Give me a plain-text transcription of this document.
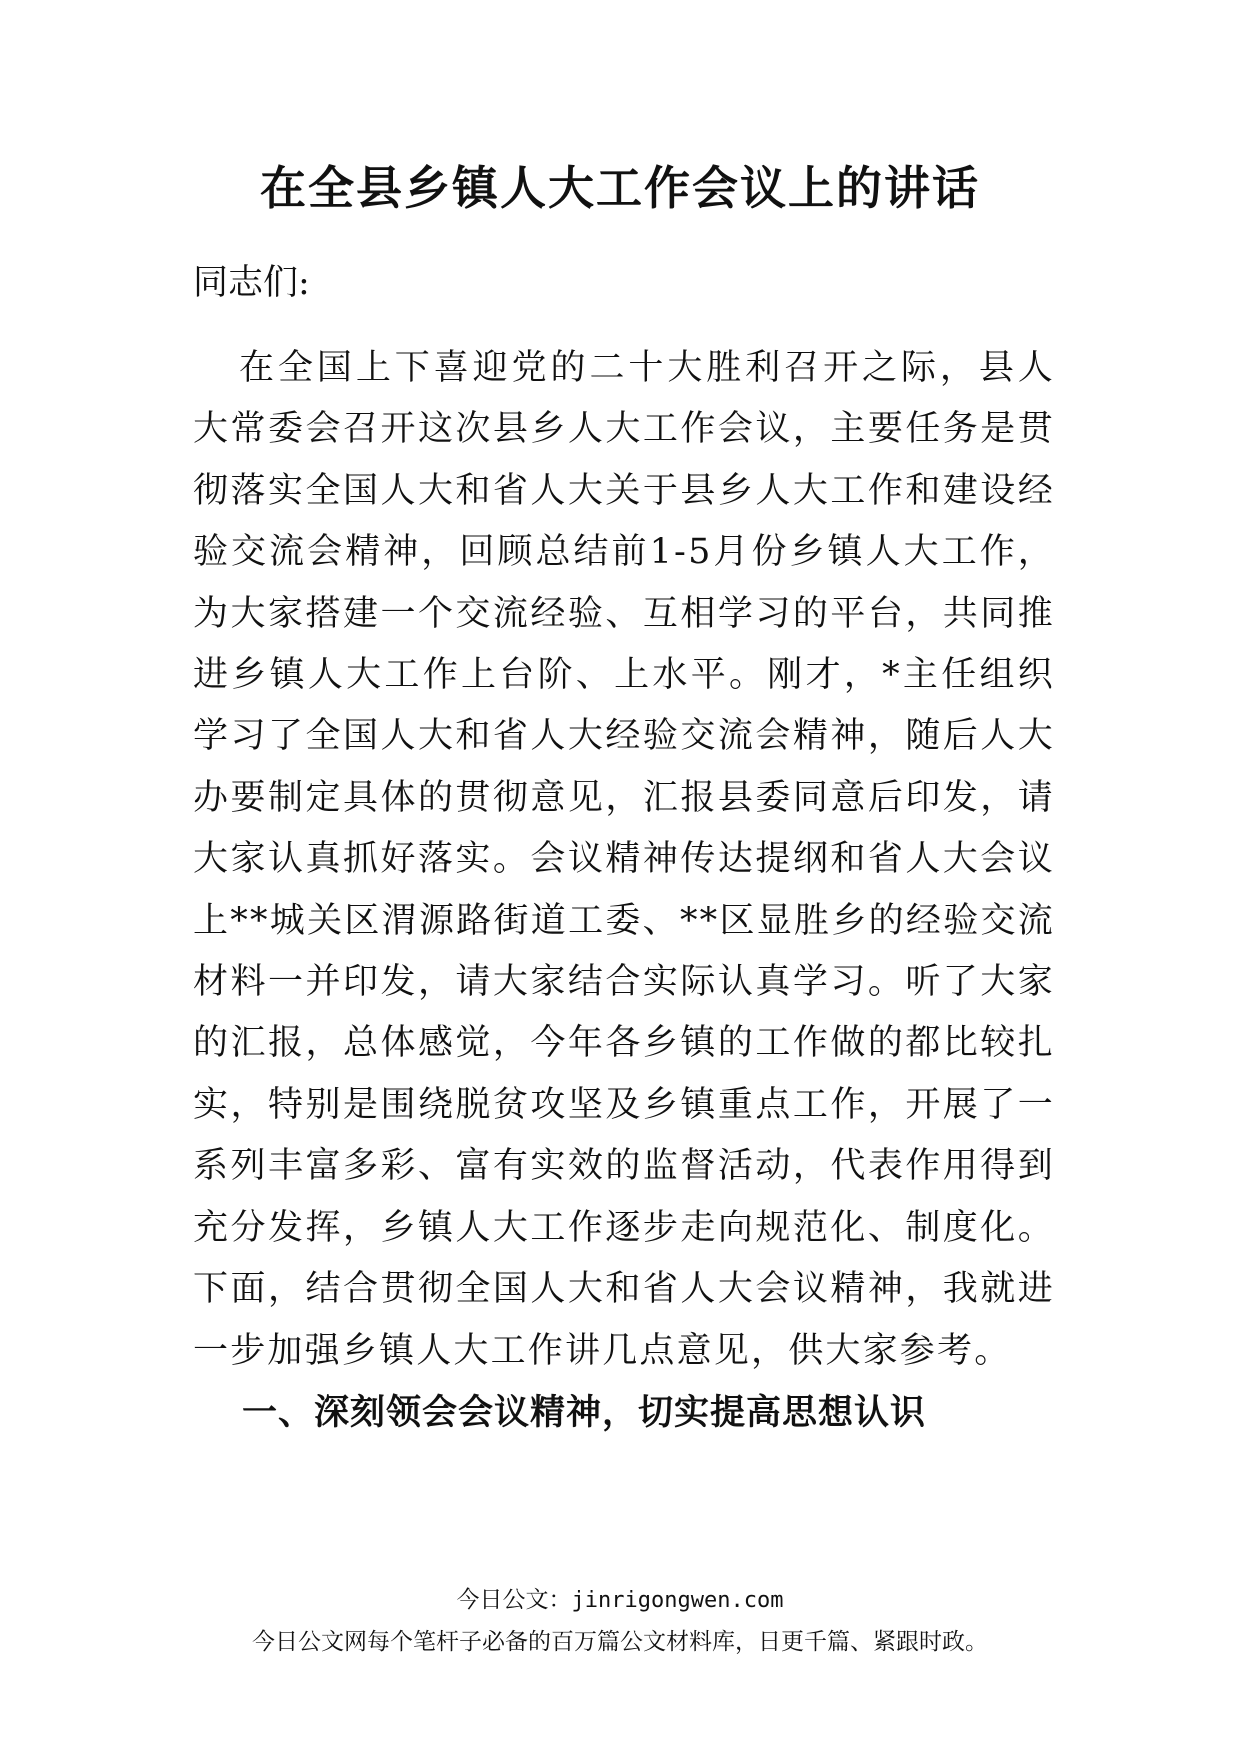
在全县乡镇人大工作会议上的讲话

同志们:

在全国上下喜迎党的二十大胜利召开之际，县人大常委会召开这次县乡人大工作会议，主要任务是贯彻落实全国人大和省人大关于县乡人大工作和建设经验交流会精神，回顾总结前1-5月份乡镇人大工作，为大家搭建一个交流经验、互相学习的平台，共同推进乡镇人大工作上台阶、上水平。刚才，*主任组织学习了全国人大和省人大经验交流会精神，随后人大办要制定具体的贯彻意见，汇报县委同意后印发，请大家认真抓好落实。会议精神传达提纲和省人大会议上**城关区渭源路街道工委、**区显胜乡的经验交流材料一并印发，请大家结合实际认真学习。听了大家的汇报，总体感觉，今年各乡镇的工作做的都比较扎实，特别是围绕脱贫攻坚及乡镇重点工作，开展了一系列丰富多彩、富有实效的监督活动，代表作用得到充分发挥，乡镇人大工作逐步走向规范化、制度化。下面，结合贯彻全国人大和省人大会议精神，我就进一步加强乡镇人大工作讲几点意见，供大家参考。

一、深刻领会会议精神，切实提高思想认识
今日公文：jinrigongwen.com
今日公文网每个笔杆子必备的百万篇公文材料库，日更千篇、紧跟时政。
